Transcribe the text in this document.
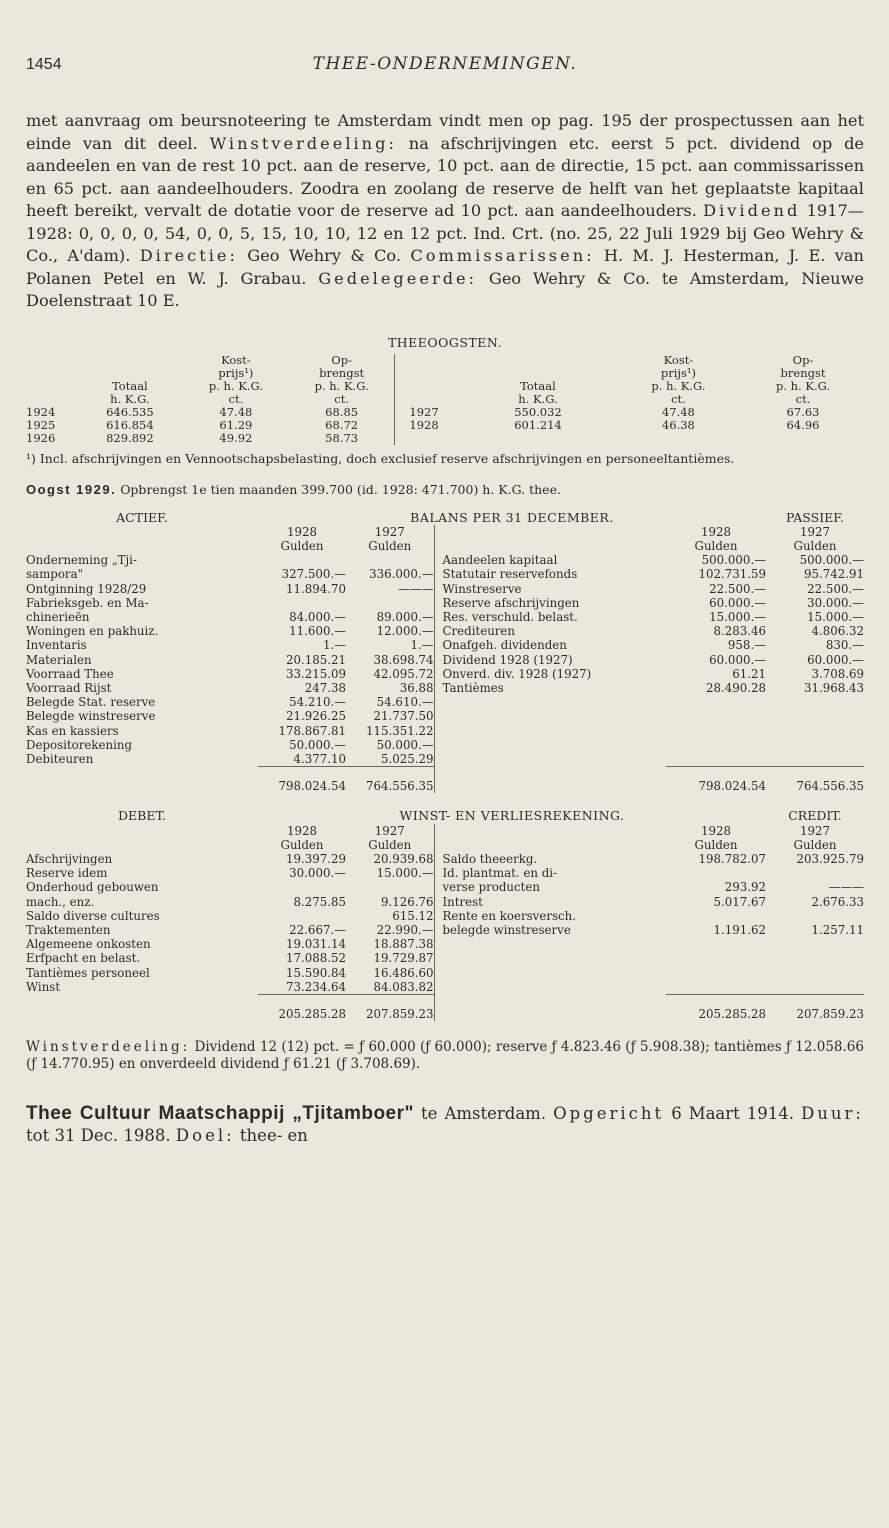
1454	THEE-ONDERNEMINGEN.
met aanvraag om beursnoteering te Amsterdam vindt men op pag. 195 der prospectussen aan het einde van dit deel. Winstverdeeling: na afschrijvingen etc. eerst 5 pct. dividend op de aandeelen en van de rest 10 pct. aan de reserve, 10 pct. aan de directie, 15 pct. aan commissarissen en 65 pct. aan aandeelhouders. Zoodra en zoolang de reserve de helft van het geplaatste kapitaal heeft bereikt, vervalt de dotatie voor de reserve ad 10 pct. aan aandeelhouders. Dividend 1917—1928: 0, 0, 0, 0, 54, 0, 0, 5, 15, 10, 10, 12 en 12 pct. Ind. Crt. (no. 25, 22 Juli 1929 bij Geo Wehry & Co., A'dam). Directie: Geo Wehry & Co. Commissarissen: H. M. J. Hesterman, J. E. van Polanen Petel en W. J. Grabau. Gedelegeerde: Geo Wehry & Co. te Amsterdam, Nieuwe Doelenstraat 10 E.
THEEOOGSTEN.
		Kost-	Op-			Kost-	Op-
		prijs¹)	brengst			prijs¹)	brengst
	Totaal	p. h. K.G.	p. h. K.G.		Totaal	p. h. K.G.	p. h. K.G.
	h. K.G.	ct.	ct.		h. K.G.	ct.	ct.
1924	646.535	47.48	68.85	1927	550.032	47.48	67.63
1925	616.854	61.29	68.72	1928	601.214	46.38	64.96
1926	829.892	49.92	58.73				
¹) Incl. afschrijvingen en Vennootschapsbelasting, doch exclusief reserve afschrijvingen en personeeltantièmes.
Oogst 1929. Opbrengst 1e tien maanden 399.700 (id. 1928: 471.700) h. K.G. thee.
ACTIEF.	BALANS PER 31 DECEMBER.				PASSIEF.
	1928	1927		1928	1927
	Gulden	Gulden		Gulden	Gulden
Onderneming „Tji-			Aandeelen kapitaal	500.000.—	500.000.—
sampora"	327.500.—	336.000.—	Statutair reservefonds	102.731.59	95.742.91
Ontginning 1928/29	11.894.70	———	Winstreserve	22.500.—	22.500.—
Fabrieksgeb. en Ma-			Reserve afschrijvingen	60.000.—	30.000.—
chinerieën	84.000.—	89.000.—	Res. verschuld. belast.	15.000.—	15.000.—
Woningen en pakhuiz.	11.600.—	12.000.—	Crediteuren	8.283.46	4.806.32
Inventaris	1.—	1.—	Onafgeh. dividenden	958.—	830.—
Materialen	20.185.21	38.698.74	Dividend 1928 (1927)	60.000.—	60.000.—
Voorraad Thee	33.215.09	42.095.72	Onverd. div. 1928 (1927)	61.21	3.708.69
Voorraad Rijst	247.38	36.88	Tantièmes	28.490.28	31.968.43
Belegde Stat. reserve	54.210.—	54.610.—			
Belegde winstreserve	21.926.25	21.737.50			
Kas en kassiers	178.867.81	115.351.22			
Depositorekening	50.000.—	50.000.—			
Debiteuren	4.377.10	5.025.29			
	798.024.54	764.556.35		798.024.54	764.556.35
DEBET.	WINST- EN VERLIESREKENING.				CREDIT.
	1928	1927		1928	1927
	Gulden	Gulden		Gulden	Gulden
Afschrijvingen	19.397.29	20.939.68	Saldo theeerkg.	198.782.07	203.925.79
Reserve idem	30.000.—	15.000.—	Id. plantmat. en di-		
Onderhoud gebouwen			verse producten	293.92	———
mach., enz.	8.275.85	9.126.76	Intrest	5.017.67	2.676.33
Saldo diverse cultures		615.12	Rente en koersversch.		
Traktementen	22.667.—	22.990.—	belegde winstreserve	1.191.62	1.257.11
Algemeene onkosten	19.031.14	18.887.38			
Erfpacht en belast.	17.088.52	19.729.87			
Tantièmes personeel	15.590.84	16.486.60			
Winst	73.234.64	84.083.82			
	205.285.28	207.859.23		205.285.28	207.859.23
Winstverdeeling: Dividend 12 (12) pct. = ƒ 60.000 (ƒ 60.000); reserve ƒ 4.823.46 (ƒ 5.908.38); tantièmes ƒ 12.058.66 (ƒ 14.770.95) en onverdeeld dividend ƒ 61.21 (ƒ 3.708.69).
Thee Cultuur Maatschappij „Tjitamboer" te Amsterdam. Opgericht 6 Maart 1914. Duur: tot 31 Dec. 1988. Doel: thee- en
